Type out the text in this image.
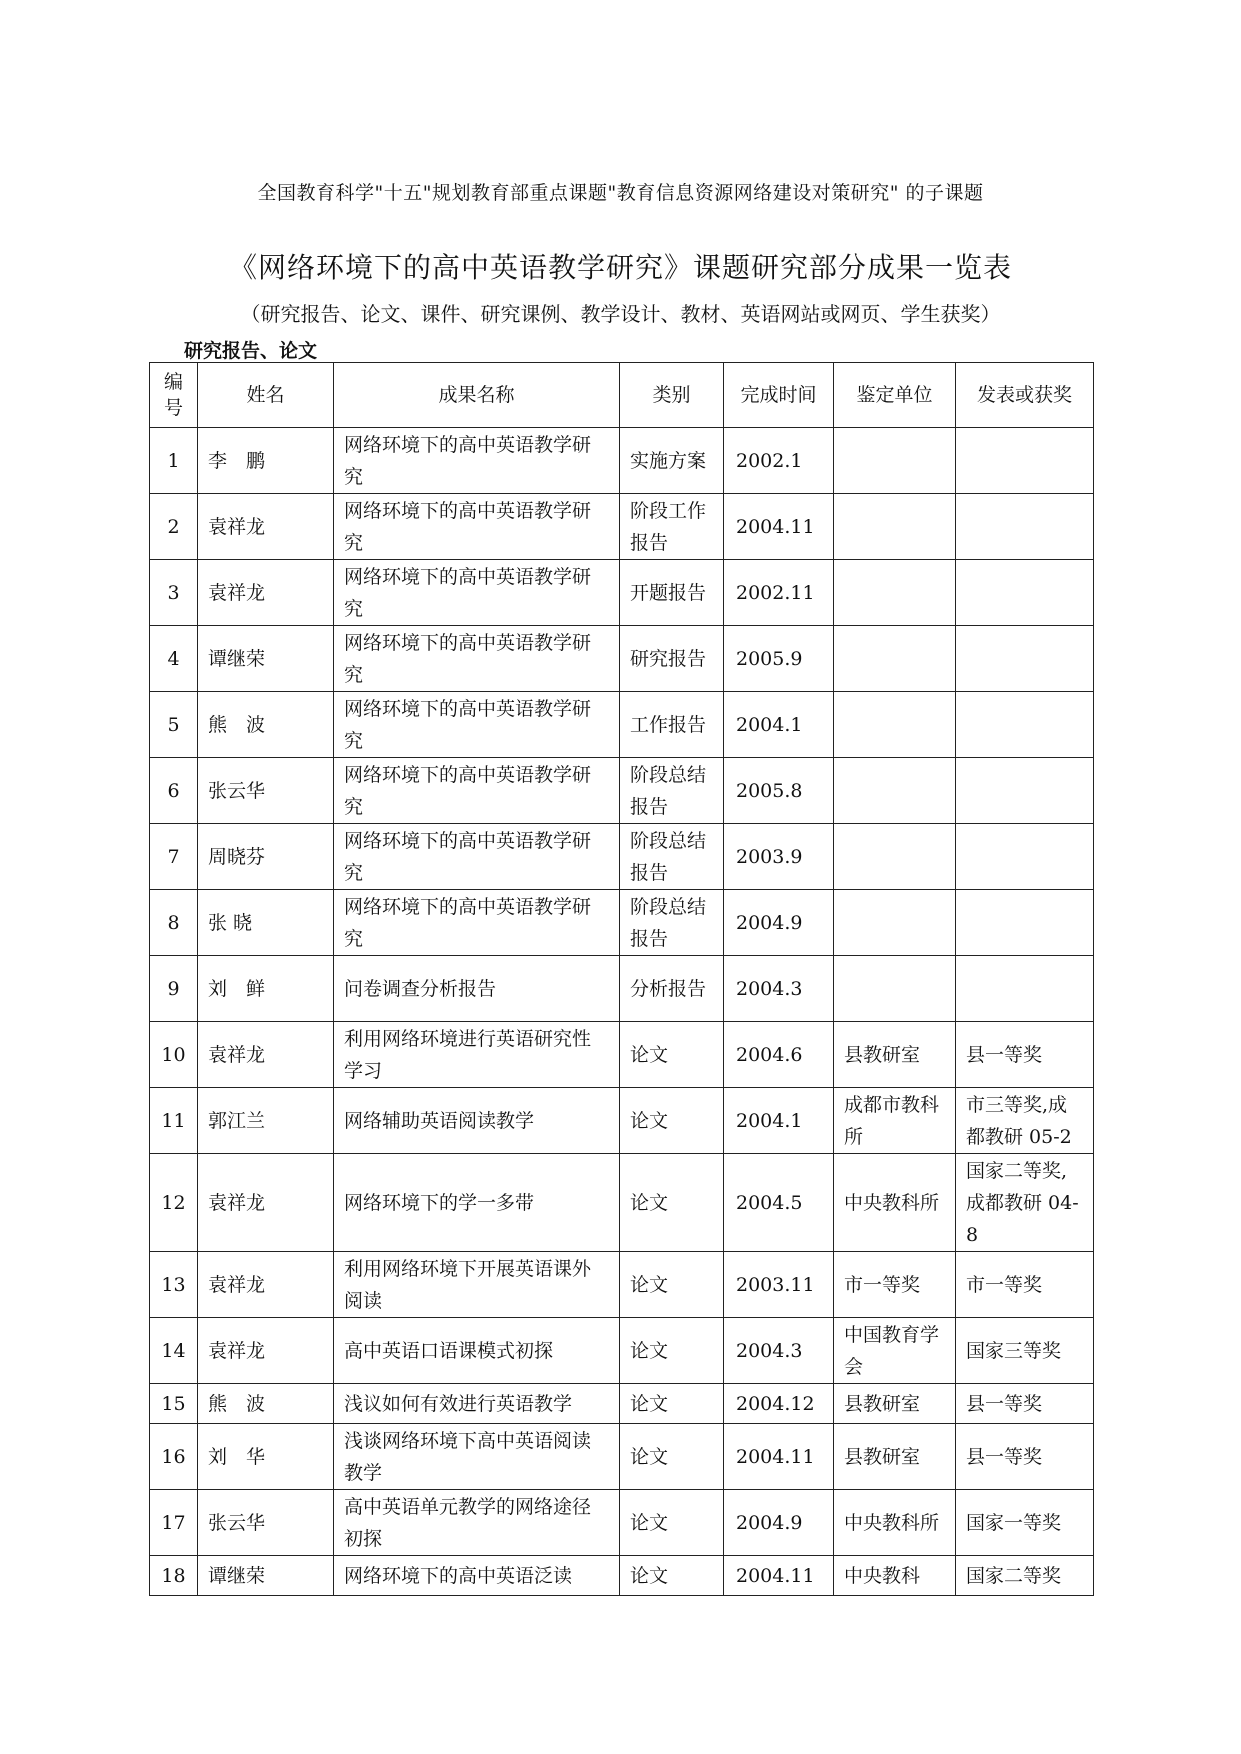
全国教育科学"十五"规划教育部重点课题"教育信息资源网络建设对策研究" 的子课题
《网络环境下的高中英语教学研究》课题研究部分成果一览表
（研究报告、论文、课件、研究课例、教学设计、教材、英语网站或网页、学生获奖）
研究报告、论文
编号	姓名	成果名称	类别	完成时间	鉴定单位	发表或获奖
1	李　鹏	网络环境下的高中英语教学研究	实施方案	2002.1		
2	袁祥龙	网络环境下的高中英语教学研究	阶段工作报告	2004.11		
3	袁祥龙	网络环境下的高中英语教学研究	开题报告	2002.11		
4	谭继荣	网络环境下的高中英语教学研究	研究报告	2005.9		
5	熊　波	网络环境下的高中英语教学研究	工作报告	2004.1		
6	张云华	网络环境下的高中英语教学研究	阶段总结报告	2005.8		
7	周晓芬	网络环境下的高中英语教学研究	阶段总结报告	2003.9		
8	张 晓	网络环境下的高中英语教学研究	阶段总结报告	2004.9		
9	刘　鲜	问卷调查分析报告	分析报告	2004.3		
10	袁祥龙	利用网络环境进行英语研究性学习	论文	2004.6	县教研室	县一等奖
11	郭江兰	网络辅助英语阅读教学	论文	2004.1	成都市教科所	市三等奖,成都教研 05-2
12	袁祥龙	网络环境下的学一多带	论文	2004.5	中央教科所	国家二等奖,成都教研 04-8
13	袁祥龙	利用网络环境下开展英语课外阅读	论文	2003.11	市一等奖	市一等奖
14	袁祥龙	高中英语口语课模式初探	论文	2004.3	中国教育学会	国家三等奖
15	熊　波	浅议如何有效进行英语教学	论文	2004.12	县教研室	县一等奖
16	刘　华	浅谈网络环境下高中英语阅读教学	论文	2004.11	县教研室	县一等奖
17	张云华	高中英语单元教学的网络途径初探	论文	2004.9	中央教科所	国家一等奖
18	谭继荣	网络环境下的高中英语泛读	论文	2004.11	中央教科	国家二等奖
